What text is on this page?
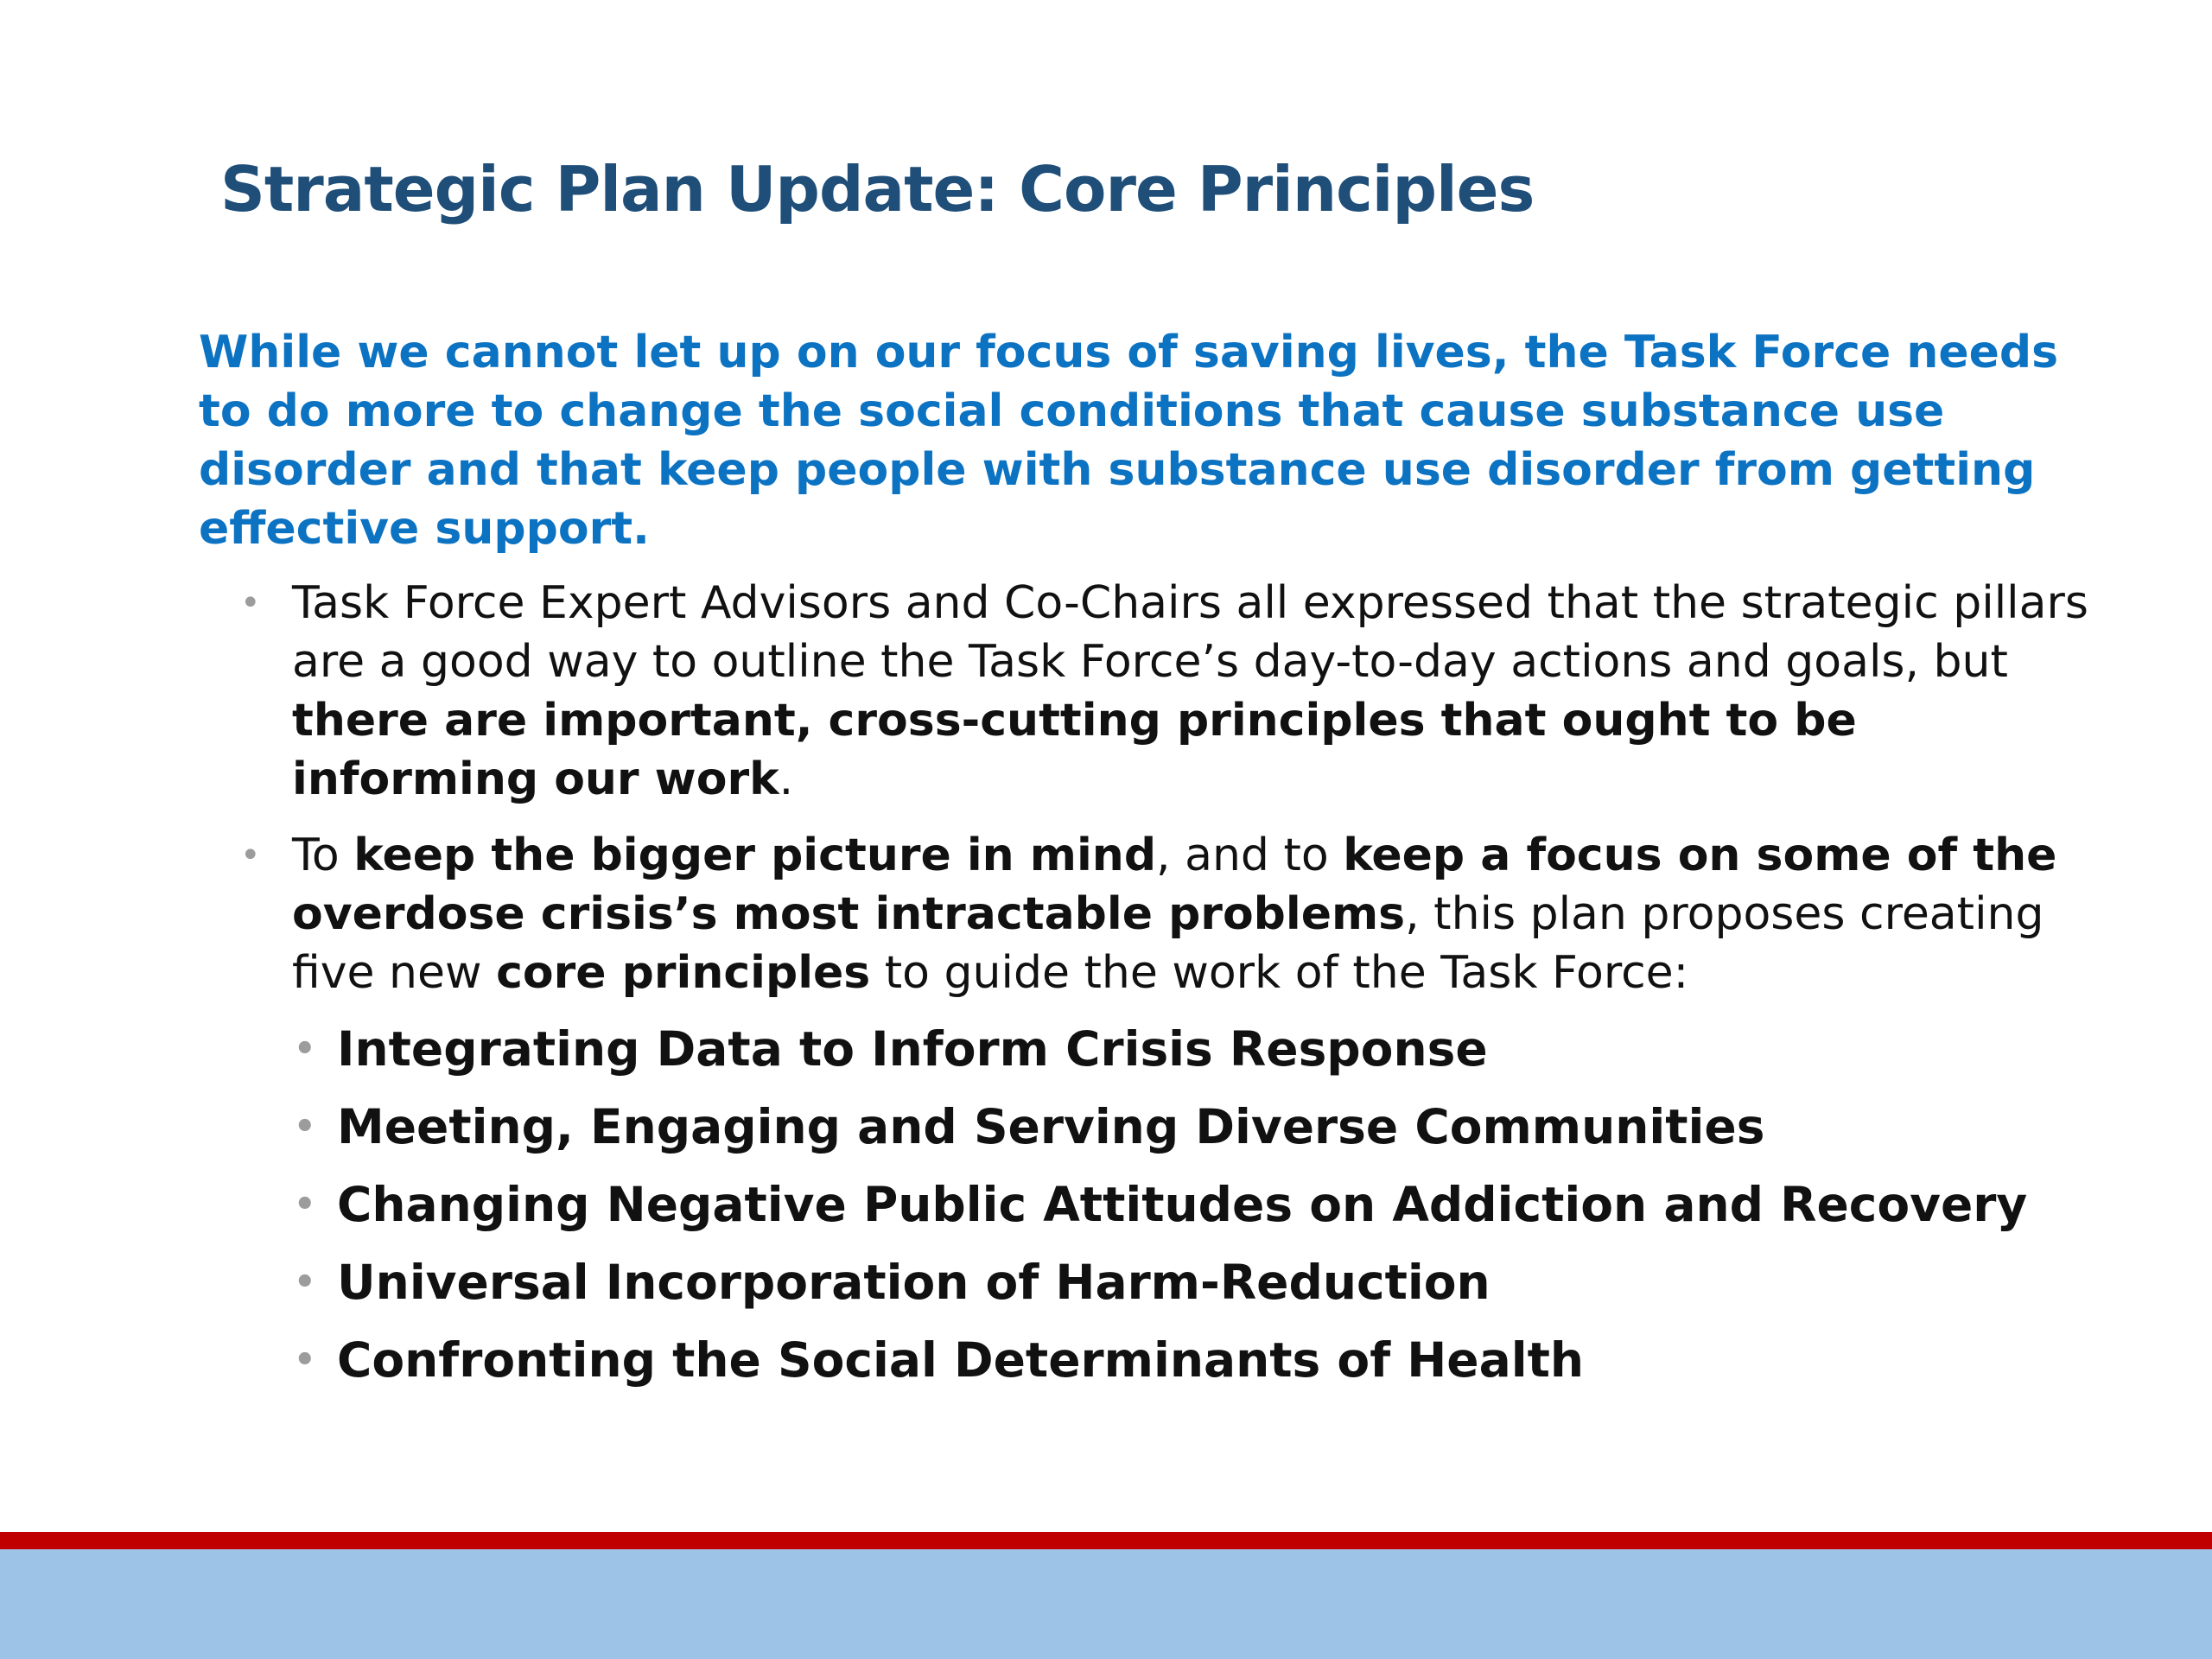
Strategic Plan Update: Core Principles

While we cannot let up on our focus of saving lives, the Task Force needs to do more to change the social conditions that cause substance use disorder and that keep people with substance use disorder from getting effective support.

• Task Force Expert Advisors and Co-Chairs all expressed that the strategic pillars are a good way to outline the Task Force’s day-to-day actions and goals, but there are important, cross-cutting principles that ought to be informing our work.
• To keep the bigger picture in mind, and to keep a focus on some of the overdose crisis’s most intractable problems, this plan proposes creating five new core principles to guide the work of the Task Force:
• Integrating Data to Inform Crisis Response
• Meeting, Engaging and Serving Diverse Communities
• Changing Negative Public Attitudes on Addiction and Recovery
• Universal Incorporation of Harm-Reduction
• Confronting the Social Determinants of Health
